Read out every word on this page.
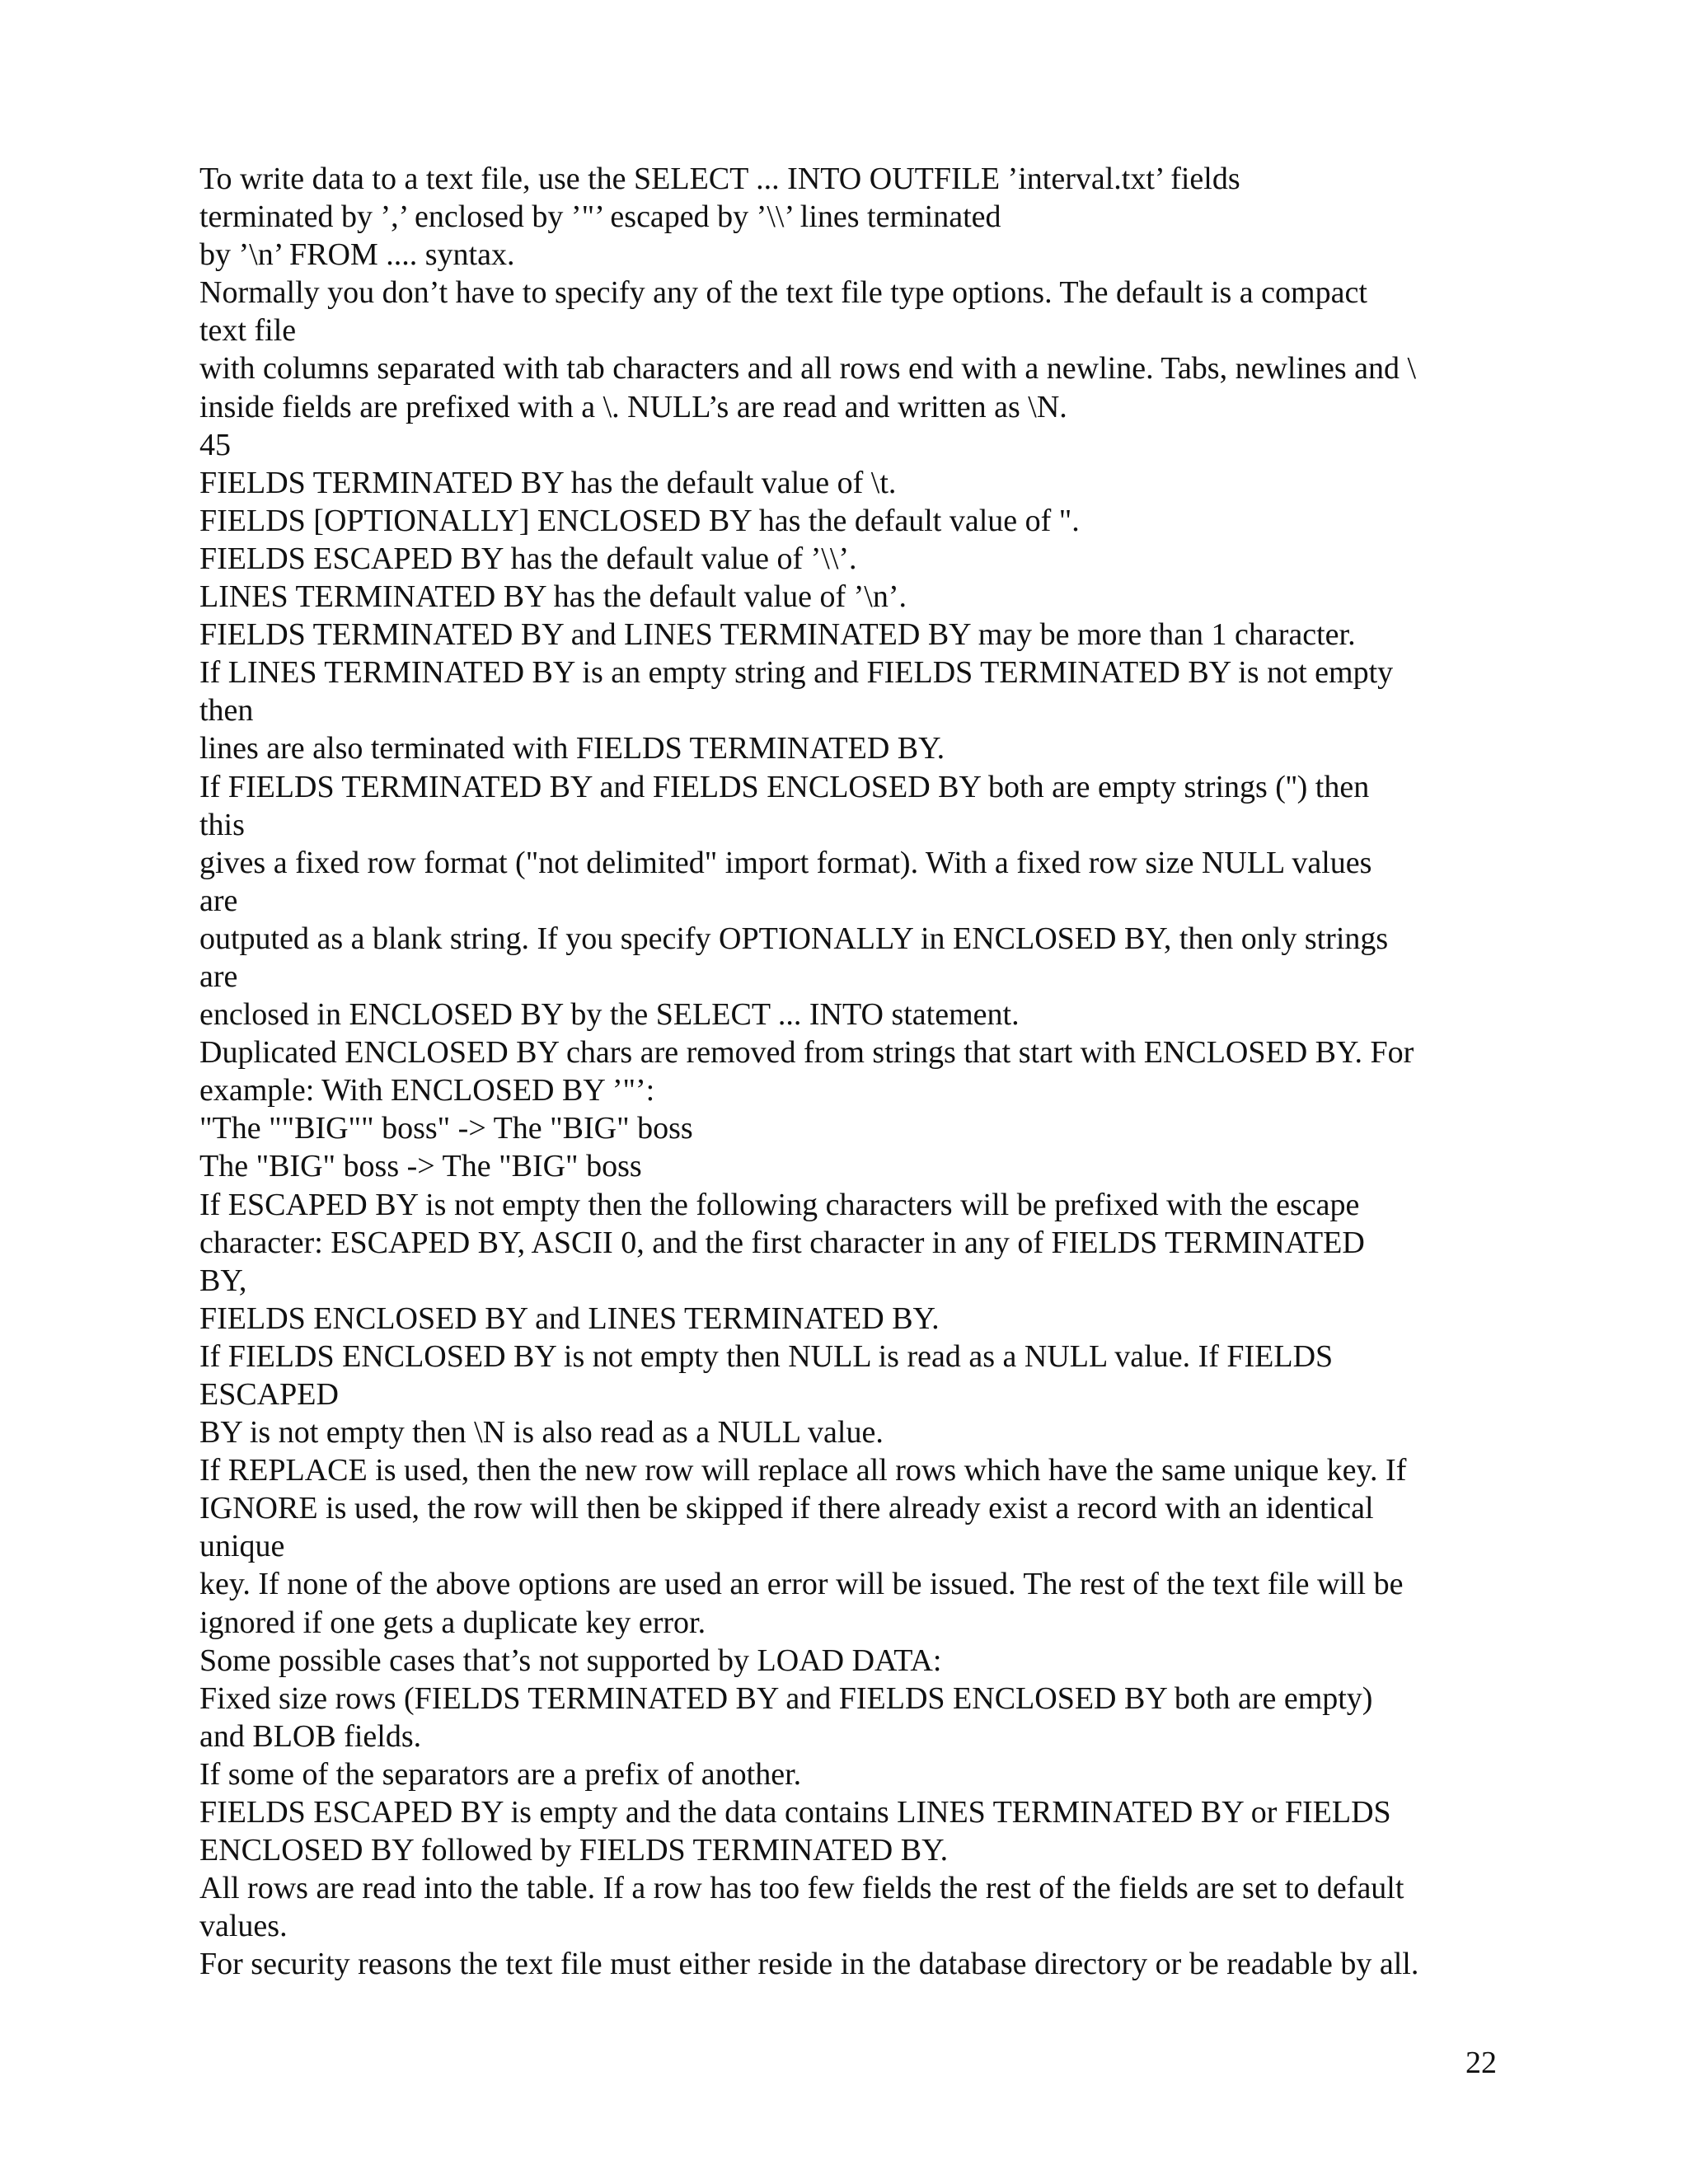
To write data to a text file, use the SELECT ... INTO OUTFILE ’interval.txt’ fields
terminated by ’,’ enclosed by ’"’ escaped by ’\\’ lines terminated
by ’\n’ FROM .... syntax.
Normally you don’t have to specify any of the text file type options. The default is a compact
text file
with columns separated with tab characters and all rows end with a newline. Tabs, newlines and \
inside fields are prefixed with a \. NULL’s are read and written as \N.
45
FIELDS TERMINATED BY has the default value of \t.
FIELDS [OPTIONALLY] ENCLOSED BY has the default value of ".
FIELDS ESCAPED BY has the default value of ’\\’.
LINES TERMINATED BY has the default value of ’\n’.
FIELDS TERMINATED BY and LINES TERMINATED BY may be more than 1 character.
If LINES TERMINATED BY is an empty string and FIELDS TERMINATED BY is not empty
then
lines are also terminated with FIELDS TERMINATED BY.
If FIELDS TERMINATED BY and FIELDS ENCLOSED BY both are empty strings ('') then
this
gives a fixed row format ("not delimited" import format). With a fixed row size NULL values
are
outputed as a blank string. If you specify OPTIONALLY in ENCLOSED BY, then only strings
are
enclosed in ENCLOSED BY by the SELECT ... INTO statement.
Duplicated ENCLOSED BY chars are removed from strings that start with ENCLOSED BY. For
example: With ENCLOSED BY ’"’:
"The ""BIG"" boss" -> The "BIG" boss
The "BIG" boss -> The "BIG" boss
If ESCAPED BY is not empty then the following characters will be prefixed with the escape
character: ESCAPED BY, ASCII 0, and the first character in any of FIELDS TERMINATED
BY,
FIELDS ENCLOSED BY and LINES TERMINATED BY.
If FIELDS ENCLOSED BY is not empty then NULL is read as a NULL value. If FIELDS
ESCAPED
BY is not empty then \N is also read as a NULL value.
If REPLACE is used, then the new row will replace all rows which have the same unique key. If
IGNORE is used, the row will then be skipped if there already exist a record with an identical
unique
key. If none of the above options are used an error will be issued. The rest of the text file will be
ignored if one gets a duplicate key error.
Some possible cases that’s not supported by LOAD DATA:
Fixed size rows (FIELDS TERMINATED BY and FIELDS ENCLOSED BY both are empty)
and BLOB fields.
If some of the separators are a prefix of another.
FIELDS ESCAPED BY is empty and the data contains LINES TERMINATED BY or FIELDS
ENCLOSED BY followed by FIELDS TERMINATED BY.
All rows are read into the table. If a row has too few fields the rest of the fields are set to default
values.
For security reasons the text file must either reside in the database directory or be readable by all.
22
